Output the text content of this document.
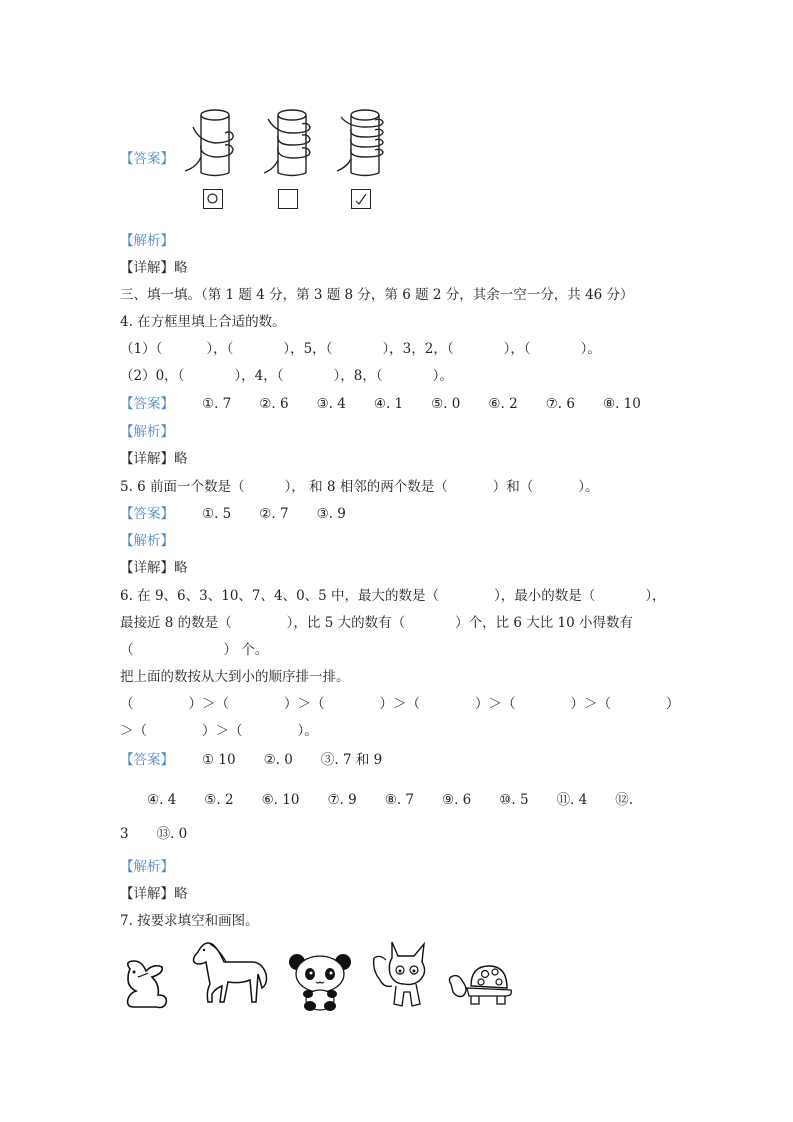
【答案】
【解析】
【详解】略
三、填一填。（第 1 题 4 分，第 3 题 8 分，第 6 题 2 分，其余一空一分，共 46 分）
4. 在方框里填上合适的数。
（1）（	），（	），5，（	），3，2，（	），（	）。
（2）0，（	），4，（	），8，（	）。
【答案】 ①. 7 ②. 6 ③. 4 ④. 1 ⑤. 0 ⑥. 2 ⑦. 6 ⑧. 10
【解析】
【详解】略
5. 6 前面一个数是（	）， 和 8 相邻的两个数是（	）和（	）。
【答案】 ①. 5 ②. 7 ③. 9
【解析】
【详解】略
6. 在 9、6、3、10、7、4、0、5 中，最大的数是（	），最小的数是（	），
最接近 8 的数是（	），比 5 大的数有（	）个，比 6 大比 10 小得数有
（	） 个。
把上面的数按从大到小的顺序排一排。
（	）＞（	）＞（	）＞（	）＞（	）＞（	）
＞（	）＞（	）。
【答案】 ① 10 ②. 0 ③. 7 和 9
④. 4 ⑤. 2 ⑥. 10 ⑦. 9 ⑧. 7 ⑨. 6 ⑩. 5 ⑪. 4 ⑫.
3 ⑬. 0
【解析】
【详解】略
7. 按要求填空和画图。
